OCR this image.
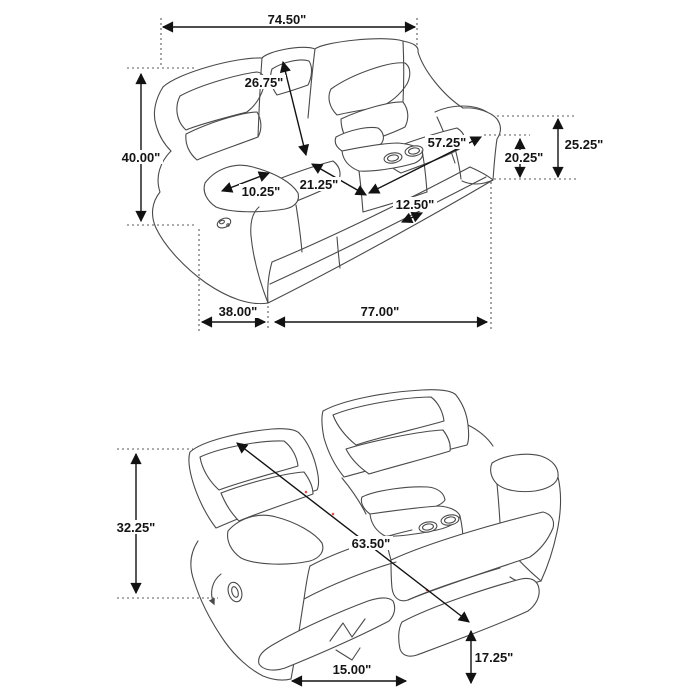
74.50"
40.00"
26.75"
10.25" 21.25"
57.25"
12.50"
20.25"
25.25"
38.00"	77.00"
32.25"
63.50"
15.00"
17.25"
